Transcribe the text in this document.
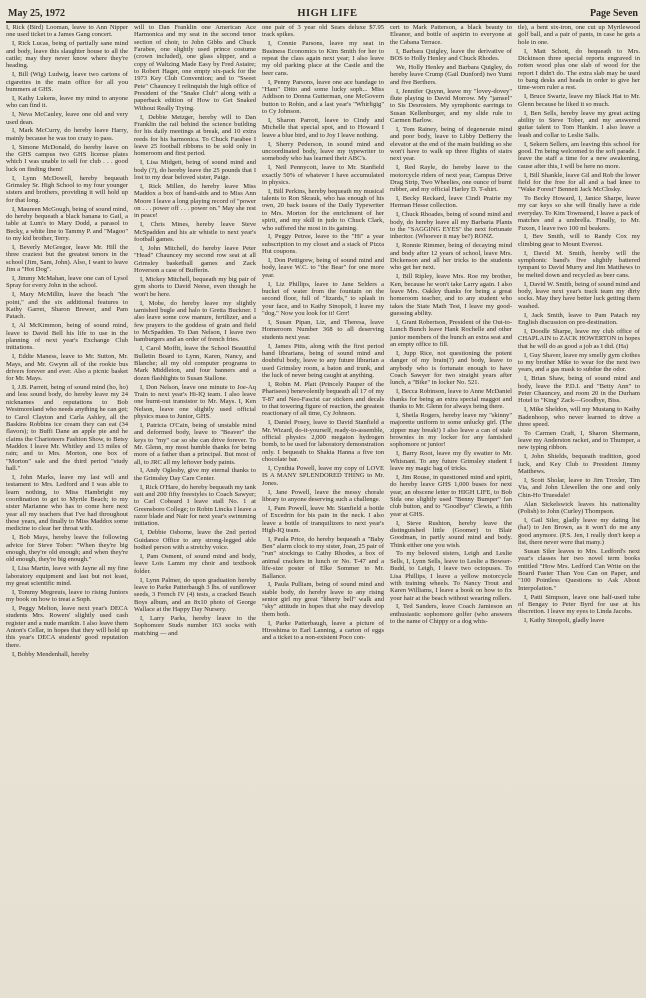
May 25, 1972	HIGH LIFE	Page Seven

I, Rick (Bird) Looman, leave to Ann Nipper one used ticket to a James Gang concert.

I, Rick Lucas, being of partially sane mind and body, leave this slaughter house to all the cattle; may they never know where they're heading.

I, Bill (Wig) Ludwig, leave two cartons of cigarettes in the main office for all you bummers at GHS.

I, Kathy Lukens, leave my mind to anyone who can find it.

I, Neva McCauley, leave one old and very used dean.

I, Mark McCurry, do hereby leave Harry, mainly because he was too crazy to pass.

I, Simone McDonald, do hereby leave on the GHS campus two GHS license plates which I was unable to sell for club . . . good luck on finding them!

I, Lynn McDowell, hereby bequeath Grimsley Sr. High School to my four younger sisters and brothers, providing it will hold up for that long.

I, Maureen McGough, being of sound mind, do hereby bequeath a black banana to Gail, a table at Lum's to Mary Dodd, a parasol to Becky, a white line to Tammy P. and "Magoo" to my kid brother, Terry.

I, Beverly McGregor, leave Mr. Hill the three craziest but the greatest tenors in the school (Jim, Sam, John). Also, I want to leave Jim a "Hot Dog".

I, Jimmy McMahan, leave one can of Lysol Spray for every John in the school.

I, Mary McMillin, leave the beach "the point," and the six additional features to Kathy Garret, Sharon Brewer, and Pam Patach.

I, Al McKimmon, being of sound mind, leave to David Bell his life to use in the planning of next year's Exchange Club initiations.

I, Eddie Maness, leave to Mr. Sutton, Mr. Mays, and Mr. Gwynn all of the rookie bus drivers forever and ever. Also a picnic basket for Mr. Mays.

I, J.B. Parrett, being of sound mind (ho, ho) and less sound body, do hereby leave my 24 nicknames and reputations to Bob Westmoreland who needs anything he can get; to Carol Clayton and Carla Ashley, all the Baskins Robbins ice cream they can eat (34 flavors); to Buffi Dane an apple pie and he claims the Charioteers Fashion Show, to Betsy Maddox I leave Mr. Whitley and 13 miles of rain; and to Mrs. Morton, one box of "Morton" sale and the third period "study hall."

I, John Marks, leave my last will and testament to Mrs. Ledford and I was able to learn nothing, to Miss Hambright my coordination to get to Myrtle Beach; to my sister Marianne who has to come here next year all my teachers that I've had throughout these years, and finally to Miss Maddox some medicine to clear her throat with.

I, Bob Mays, hereby leave the following advice for Steve Tober: "When they're big enough, they're old enough; and when they're old enough, they're big enough."

I, Lisa Martin, leave with Jayne all my fine laboratory equipment and last but not least, my great scientific mind.

I, Tommy Megreuis, leave to rising Juniors my book on how to treat a Soph.

I, Peggy Melton, leave next year's DECA students Mrs. Rowers' slightly used cash register and a nude manikin. I also leave them Anton's Cellar, in hopes that they will hold up this year's DECA students' good reputation there.

I, Bobby Mendenhall, hereby

will to Dan Franklin one American Ace Harmonica and my seat in the second tenor section of choir, to John Gibbs and Chuck Farabee, one slightly used prince costume (crown included), one glass slipper, and a copy of Waltzing Made Easy by Fred Astaire; to Robert Hager, one empty six-pack for the 1973 Key Club Convention; and to "Sweet Pete" Chauncey I relinquish the high office of President of the "Snake Club" along with a paperback edition of How to Get Snaked Without Really Trying.

I, Debbie Metzger, hereby will to Dan Franklin the rail behind the science building for his daily meetings at break, and 10 extra reeds for his harmonica. To Chuck Farabee I leave 25 football ribbons to be sold only in homeroom and first period.

I, Lisa Midgett, being of sound mind and body (?), do hereby leave the 25 pounds that I lost to my dear beloved sister, Paige.

I, Rick Millen, do hereby leave Miss Maddox a box of band-aids and to Miss Ann Moore I leave a long playing record of "power on . . . power off . . . power on." May she rest in peace!

I, Chris Mines, hereby leave Steve McSpadden and his air whistle to next year's football games.

I, John Mitchell, do hereby leave Peter "Head" Chauncey my second row seat at all Grimsley basketball games and Zack Hoverson a case of Bufferin.

I, Mickey Mitchell, bequeath my big pair of gym shorts to David Neese, even though he won't be here.

I, Mobe, do hereby leave my slightly tarnished bugle and halo to Gretta Buckner. I also leave some cow manure, fertilizer, and a few prayers to the goddess of grain and field to McSpadden. To Dan Nelson, I leave two hamburgers and an order of french fries.

I, Carol Moffit, leave the School Beautiful Bulletin Board to Lynn, Karen, Nancy, and Blanche; all my old computer programs to Mark Middleton, and four banners and a dozen flashlights to Susan Stallone.

I, Don Nelson, leave one minute to Joe-Aq Train to next year's Hi-IQ team. I also leave one burnt-out transistor to Mr. Mays. I, Ken Nelson, leave one slightly used official physics mass to Junior, GHS.

I, Patricia O'Cain, being of unstable mind and deformed body, leave to "Beaver" the keys to "my" car so she can drive forever. To Mr. Glenn, my most humble thanks for being more of a father than a principal. But most of all, to JRC all my leftover body paints.

I, Andy Oglesby, give my eternal thanks to the Grimsley Day Care Center.

I, Rick O'Hare, do hereby bequeath my tank suit and 200 fifty freestyles to Coach Sawyer; to Carl Cobeard I leave stall No. 1 at Greensboro College; to Robin Lincks I leave a razor blade and Nair for next year's swimming initiation.

I, Debbie Osborne, leave the 2nd period Guidance Office to any strong-legged able bodied person with a stretchy voice.

I, Pam Osment, of sound mind and body, leave Lois Lamm my choir and textbook folder.

I, Lynn Palmer, do upon graduation hereby leave to Parke Patterbaugh 3 lbs. of sunflower seeds, 3 French IV (4) tests, a cracked Beach Boys album, and an 8x10 photo of George Wallace at the Happy Day Nursery.

I, Larry Parks, hereby leave to the Sophomore Studs number 163 socks with matching — and

one pair of 3 year old Sears deluxe $7.95 track spikes.

I, Connie Parsons, leave my seat in Business Economics to Kim Smith for her to repeat the class again next year; I also leave my old parking place at the Castle and the beer cans.

I, Penny Parsons, leave one ace bandage to "Ham" Ditto and some lucky soph... Miss Addison to Donna Gutterman, one McGovern button to Robin, and a last year's "Whirligig" to Cy Johnson.

I, Sharon Parrott, leave to Cindy and Michelle that special spot, and to Howard I leave a blue bird, and to Joy I leave nothing.

I, Sherry Pederson, in sound mind and uncoordinated body, leave my typewriter to somebody who has learned their ABC's.

I, Neil Pennycott, leave to Mr. Stanfield exactly 50% of whatever I have accumulated in physics.

I, Bill Perkins, hereby bequeath my musical talents to Ron Skrauk, who has enough of his own, 20 back issues of the Daily Typewriter to Mrs. Morton for the enrichment of her spirit, and my skill in judo to Chuck Clark, who suffered the most in its gaining.

I, Peggy Petree, leave to the "Hi" a year subscription to my closet and a stack of Pizza Hut coupons.

I, Don Pettigrew, being of sound mind and body, leave W.C. to "the Bear" for one more year.

I, Liz Phillips, leave to Jane Selders a bucket of water from the fountain on the second floor, full of "lizards," to splash in your face, and to Kathy Sinopoli, I leave my "dog." Now you look for it! Grrr!

I, Susan Pipan, Liz, and Theresa, leave Homeroom Number 368 to all deserving students next year.

I, James Pitts, along with the first period band librarians, being of sound mind and doubtful body, leave to any future librarian a used Grimsley room, a baton and trunk, and the luck of never being caught at anything.

I, Robin M. Platt (Princely Pauper of the Pharisees) benevolently bequeath all 17 of my T-87 and Neo-Fascist car stickers and decals to that towering figure of reaction, the greatest reactionary of all time, Cy Johnson.

I, Daniel Posey, leave to David Stanfield a Mr. Wizard, do-it-yourself, ready-to-assemble, official physics 2,000 megaton hydrogen bomb, to be used for laboratory demonstration only. I bequeath to Shakia Hanna a five ton chocolate bar.

I, Cynthia Powell, leave my copy of LOVE IS A MANY SPLENDORED THING to Mr. Jones.

I, Jane Powell, leave the messy chorale library to anyone deserving such a challenge.

I, Pam Powell, leave Mr. Stanfield a bottle of Excedrin for his pain in the neck. I also leave a bottle of tranquilizers to next year's High-IQ team.

I, Paula Price, do hereby bequeath a "Baby Ben" alarm clock to my sister, Joan, 25 pair of "run" stockings to Cathy Rhodes, a box of animal crackers in lunch or No. T-47 and a life-size poster of Elke Sommer to Mr. Ballance.

I, Paula Pulliam, being of sound mind and stable body, do hereby leave to any rising senior girl my great "liberty bell" walk and "sky" attitude in hopes that she may develop them both.

I, Parke Patterbaugh, leave a picture of Hiroshima to Earl Lanning, a carton of eggs and a ticket to a non-existent Poco con-

cert to Mark Patterson, a black beauty to Eleanor, and bottle of aspirin to everyone at the Cabana Terrace.

I, Barbara Quigley, leave the derivative of BOS to Holly Henley and Chuck Rhodes.

We, Holly Henley and Barbara Quigley, do hereby leave Crump (Gail Dunford) two Yumi and five Berthers.

I, Jennifer Quynn, leave my "lovey-dovey" flute playing to David Morrow. My "jamsel" to Sis Desrosiers. My symphonic earrings to Susan Kellenburger, and my slide rule to Carmen Barlow.

I, Tom Rainey, being of degenerate mind and poor body, leave to Libby DeBerry the elevator at the end of the main building so she won't have to walk up three flights of stairs next year.

I, Red Rayle, do hereby leave to the motorcycle riders of next year, Campus Drive Drag Strip, Two Wheelies, one ounce of burnt rubber, and my official Harley D. T-shirt.

I, Becky Reckard, leave Cindi Prairie my Herman Hesse collection.

I, Chuck Rhoades, being of sound mind and body, do hereby leave all my Barbaria Plants to the "SAGGING EYES" the next fortunate inheritor. (Whoever it may be?) RONZ.

I, Ronnie Rimmer, being of decaying mind and body after 12 years of school, leave Mrs. Dickenson and all her tricks to the students who get her next.

I, Bill Ripley, leave Mrs. Roe my brother, Ken, because he won't take Larry again. I also leave Mrs. Oakley thanks for being a great homeroom teacher, and to any student who takes the State Math Test, I leave my good-guessing ability.

I, Grant Robertson, President of the Out-to-Lunch Bunch leave Hank Rochelle and other junior members of the bunch an extra seat and an empty office to fill.

I, Jupp Rice, not questioning the potent danger of my brain(?) and body, leave to anybody who is fortunate enough to have Coach Sawyer for two straight years after lunch, a "Bike" in locker No. 521.

I, Becca Robinson, leave to Anne McDaniel thanks for being an extra special maggot and thanks to Mr. Glenn for always being there.

I, Sheila Rogers, hereby leave my "skinny" majorette uniform to some unlucky girl. (The zipper may break!) I also leave a can of stale brownies in my locker for any famished sophomore or junior!

I, Barry Root, leave my fly swatter to Mr. Whisnant. To any future Grimsley student I leave my magic bag of tricks.

I, Jim Rouse, in questioned mind and spirit, do hereby leave GHS 1,000 buses for next year, an obscene letter to HIGH LIFE, to Bob Sida one slightly used "Benny Bumper" fan club button, and to "Goodbye" Clewis, a fifth year at GHS.

I, Steve Rushton, hereby leave the distinguished little (Goomer) to Blair Goodman, in partly sound mind and body. Think either one you wish.

To my beloved sisters, Leigh and Leslie Sells, I, Lynn Sells, leave to Leslie a Bowser-Budd, to Leigh, I leave two octopuses. To Lisa Phillips, I leave a yellow motorcycle with training wheels. To Nancy Trout and Karen Williams, I leave a book on how to fix your hair at the beach without wearing rollers.

I, Ted Sanders, leave Coach Jamieson an enthusiastic sophomore golfer (who answers to the name of Chippy or a dog whis-

tle), a bent six-iron, one cut up Myrtlewood golf ball, and a pair of pants, in case he gets a hole in one.

I, Matt Schott, do bequeath to Mrs. Dickinson three special reports engraved in rotten wood plus one slab of wood for the report I didn't do. The extra slab may be used to bang desks and heads in order to give her time-worn ruler a rest.

I, Bruce Swartz, leave my Black Hat to Mr. Glenn because he liked it so much.

I, Ben Sells, hereby leave my great acting ability to Steve Tober, and my answered guitar talent to Tom Hankin. I also leave a leash and collar to Leslie Salls.

I, Sekern Sellers, am leaving this school for good. I'm being welcomed to the soft parade. I leave the staff a time for a new awakening, cause after this, I will be here no more.

I, Bill Shankle, leave Gil and Rob the lower field for the free for all and a bad knee to "Wake Forest" Bennett Jack McClosky.

To Becky Howard, I, Janice Sharpe, leave my car keys so she will finally have a ride everyday. To Kim Townsend, I leave a pack of matches and a umbrella. Finally, to Mr. Fuxon, I leave two 100 ml beakers.

I, Bev Smith, will to Randy Cox my climbing gear to Mount Everest.

I, David M. Smith, hereby will the symphonic band's five slightly battered tympani to David Murry and Jim Matthews to be melted down and recycled as beer cans.

I, David W. Smith, being of sound mind and body, leave next year's track team my dirty socks. May they have better luck getting them washed.

I, Jack Smith, leave to Pam Patach my English discussion on pre-destination.

I, Doodle Sharpe, leave my club office of CHAPLAIN to ZACK HOWERTON in hopes that he will do as good a job as I did. (Ha)

I, Guy Shaver, leave my smelly gym clothes to my brother Mike to wear for the next two years, and a gas mask to subdue the odor.

I, Brian Shaw, being of sound mind and body, leave the P.D.I. and "Betty Ann" to Peter Chauncey, and room 20 in the Durham Hotel to "King" Zack—Goodbye, Biss.

I, Mike Sheldon, will my Mustang to Kathy Badenhoop, who never learned to drive a three speed.

To Carmen Craft, I, Sharon Shermann, leave my Anderston racket, and to Thumper, a new typing ribbon.

I, John Shields, bequeath tradition, good luck, and Key Club to President Jimmy Matthews.

I, Scott Sholar, leave to Jim Troxler, Tim Via, and John Llewellen the one and only Chin-Ho Truesdale!

Alan Sickelswick leaves his nationality (Polish) to John (Curley) Thompson.

I, Gail Siler, gladly leave my dating list (ha!) to Jen Brown, as it won't do me any good anymore. (P.S. Jen, I really don't keep a list, there never were that many.)

Susan Siler leaves to Mrs. Ledford's next year's classes her two novel term books entitled "How Mrs. Ledford Can Write on the Board Faster Than You Can on Paper, and "100 Pointless Questions to Ask About Interpolation."

I, Patti Simpson, leave one half-used tube of Bengay to Peter Byrd for use at his discretion. I leave my eyes to Linda Jacobs.

I, Kathy Sinopoli, gladly leave
